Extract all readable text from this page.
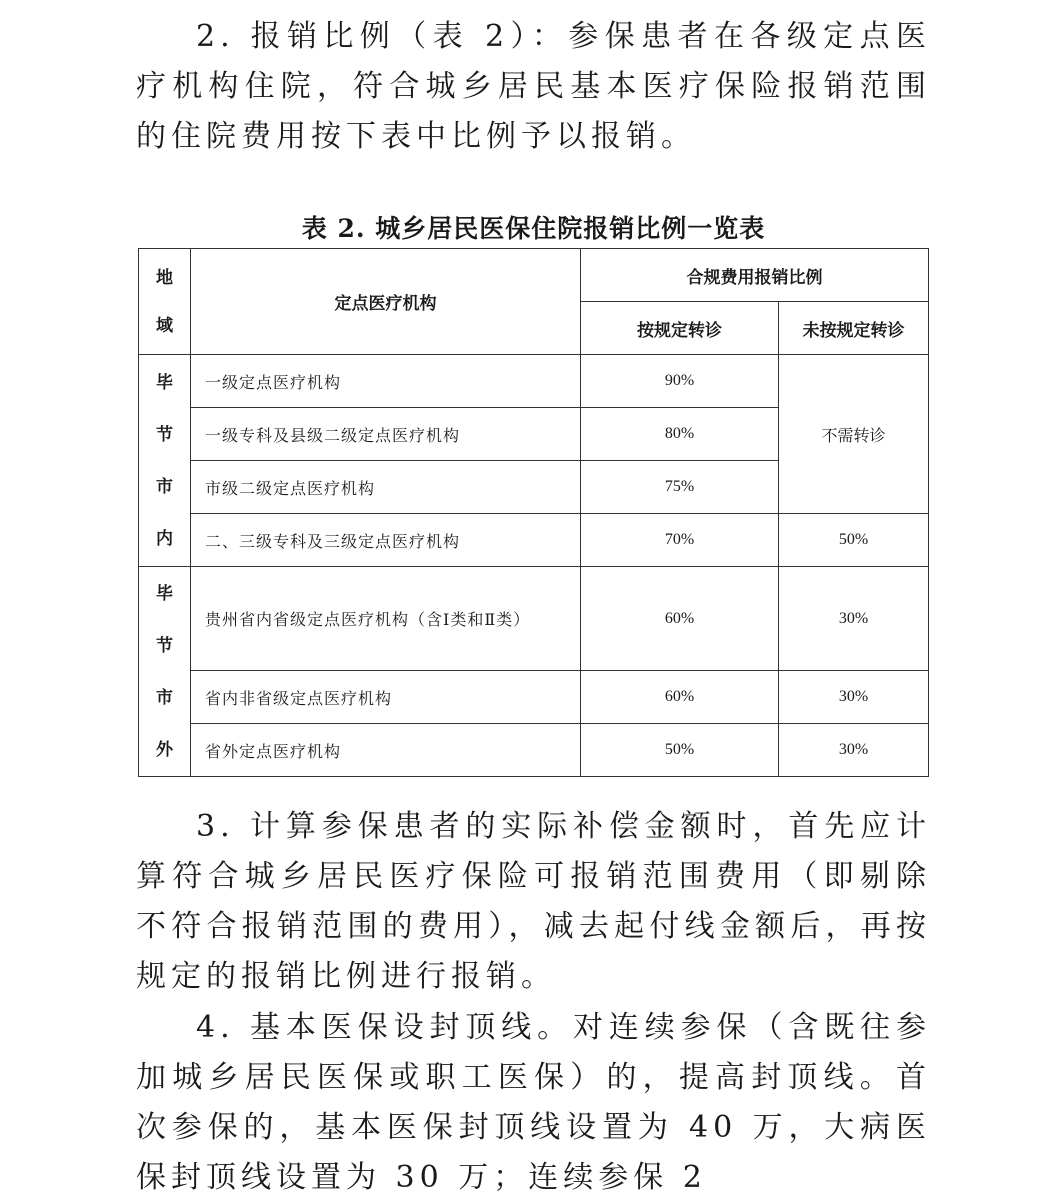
2. 报销比例（表 2）：参保患者在各级定点医疗机构住院，符合城乡居民基本医疗保险报销范围的住院费用按下表中比例予以报销。

表 2. 城乡居民医保住院报销比例一览表
地
域	定点医疗机构	合规费用报销比例	
		按规定转诊	未按规定转诊

毕
节
市
内	一级定点医疗机构	90%	不需转诊
	一级专科及县级二级定点医疗机构	80%	
	市级二级定点医疗机构	75%	
	二、三级专科及三级定点医疗机构	70%	50%

毕
节
市
外	贵州省内省级定点医疗机构（含Ⅰ类和Ⅱ类）	60%	30%
	省内非省级定点医疗机构	60%	30%
	省外定点医疗机构	50%	30%

3. 计算参保患者的实际补偿金额时，首先应计算符合城乡居民医疗保险可报销范围费用（即剔除不符合报销范围的费用），减去起付线金额后，再按规定的报销比例进行报销。

4. 基本医保设封顶线。对连续参保（含既往参加城乡居民医保或职工医保）的，提高封顶线。首次参保的，基本医保封顶线设置为 40 万，大病医保封顶线设置为 30 万；连续参保 2
